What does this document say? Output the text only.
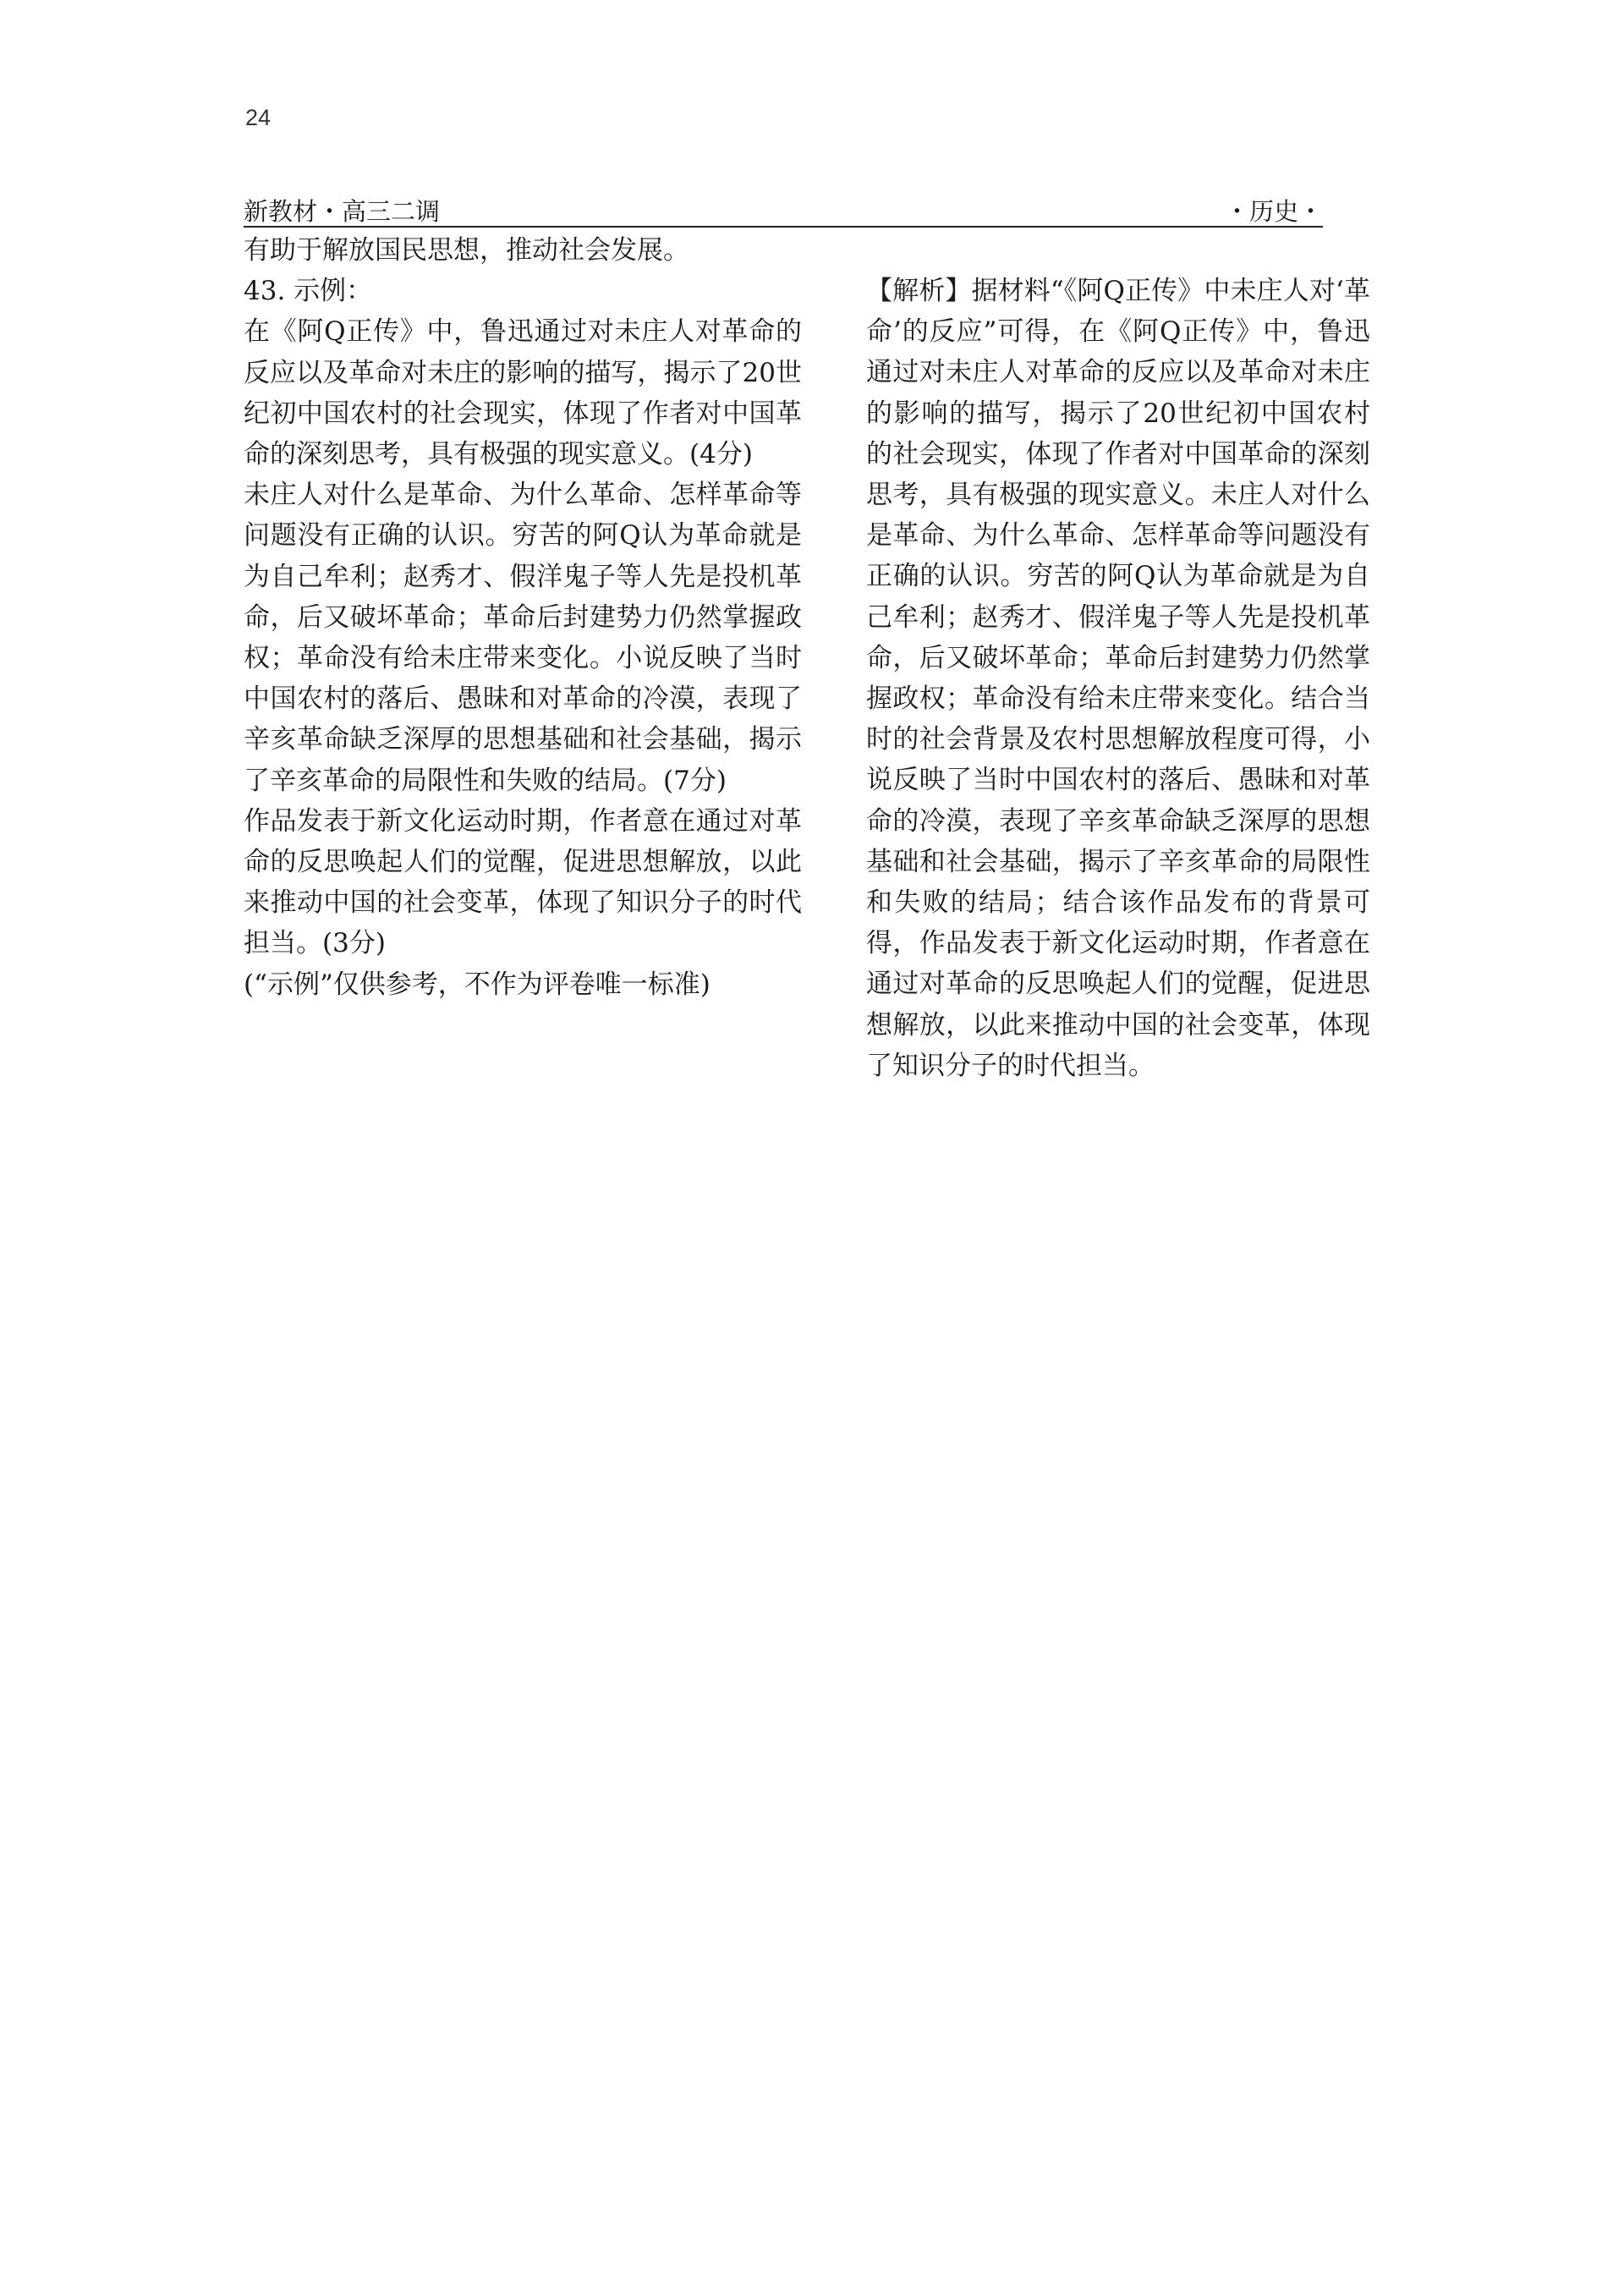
24
新教材・高三二调	・历史・

有助于解放国民思想，推动社会发展。

43. 示例：

在《阿Q正传》中，鲁迅通过对未庄人对革命的反应以及革命对未庄的影响的描写，揭示了20世纪初中国农村的社会现实，体现了作者对中国革命的深刻思考，具有极强的现实意义。(4分)

未庄人对什么是革命、为什么革命、怎样革命等问题没有正确的认识。穷苦的阿Q认为革命就是为自己牟利；赵秀才、假洋鬼子等人先是投机革命，后又破坏革命；革命后封建势力仍然掌握政权；革命没有给未庄带来变化。小说反映了当时中国农村的落后、愚昧和对革命的冷漠，表现了辛亥革命缺乏深厚的思想基础和社会基础，揭示了辛亥革命的局限性和失败的结局。(7分)

作品发表于新文化运动时期，作者意在通过对革命的反思唤起人们的觉醒，促进思想解放，以此来推动中国的社会变革，体现了知识分子的时代担当。(3分)

(“示例”仅供参考，不作为评卷唯一标准)

【解析】据材料“《阿Q正传》中未庄人对‘革命’的反应”可得，在《阿Q正传》中，鲁迅通过对未庄人对革命的反应以及革命对未庄的影响的描写，揭示了20世纪初中国农村的社会现实，体现了作者对中国革命的深刻思考，具有极强的现实意义。未庄人对什么是革命、为什么革命、怎样革命等问题没有正确的认识。穷苦的阿Q认为革命就是为自己牟利；赵秀才、假洋鬼子等人先是投机革命，后又破坏革命；革命后封建势力仍然掌握政权；革命没有给未庄带来变化。结合当时的社会背景及农村思想解放程度可得，小说反映了当时中国农村的落后、愚昧和对革命的冷漠，表现了辛亥革命缺乏深厚的思想基础和社会基础，揭示了辛亥革命的局限性和失败的结局；结合该作品发布的背景可得，作品发表于新文化运动时期，作者意在通过对革命的反思唤起人们的觉醒，促进思想解放，以此来推动中国的社会变革，体现了知识分子的时代担当。
